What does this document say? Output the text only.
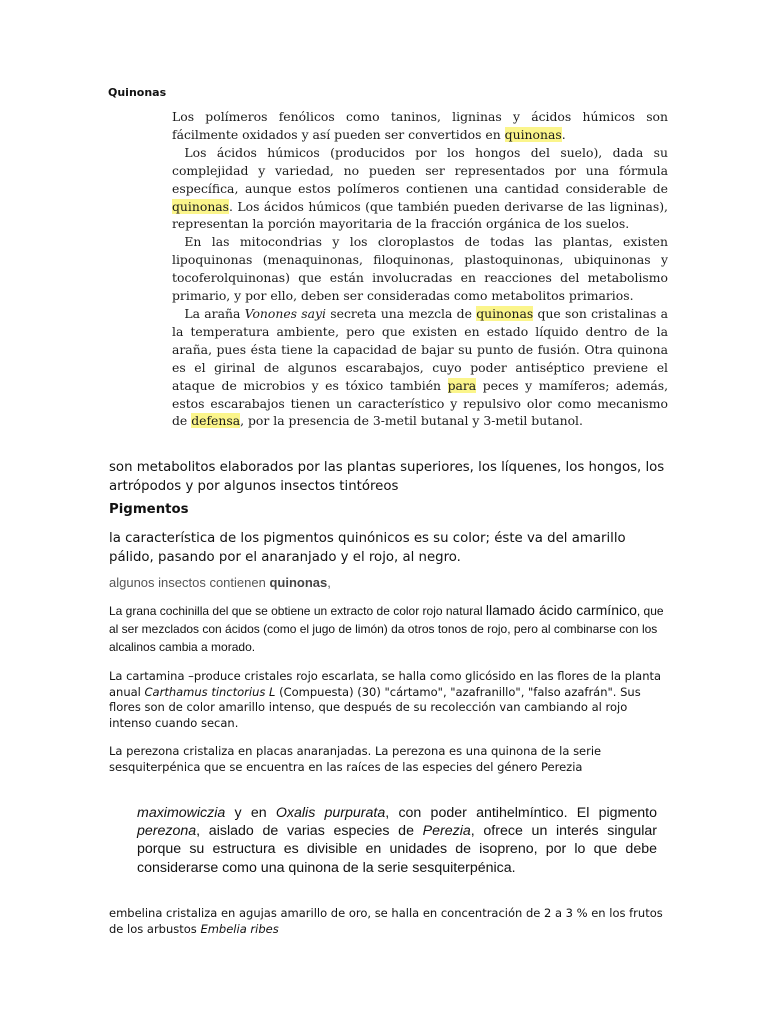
Quinonas

Los polímeros fenólicos como taninos, ligninas y ácidos húmicos son fácilmente oxidados y así pueden ser convertidos en quinonas.

Los ácidos húmicos (producidos por los hongos del suelo), dada su complejidad y variedad, no pueden ser representados por una fórmula específica, aunque estos polímeros contienen una cantidad considerable de quinonas. Los ácidos húmicos (que también pueden derivarse de las ligninas), representan la porción mayoritaria de la fracción orgánica de los suelos.

En las mitocondrias y los cloroplastos de todas las plantas, existen lipoquinonas (menaquinonas, filoquinonas, plastoquinonas, ubiquinonas y tocoferolquinonas) que están involucradas en reacciones del metabolismo primario, y por ello, deben ser consideradas como metabolitos primarios.

La araña Vonones sayi secreta una mezcla de quinonas que son cristalinas a la temperatura ambiente, pero que existen en estado líquido dentro de la araña, pues ésta tiene la capacidad de bajar su punto de fusión. Otra quinona es el girinal de algunos escarabajos, cuyo poder antiséptico previene el ataque de microbios y es tóxico también para peces y mamíferos; además, estos escarabajos tienen un característico y repulsivo olor como mecanismo de defensa, por la presencia de 3-metil butanal y 3-metil butanol.

son metabolitos elaborados por las plantas superiores, los líquenes, los hongos, los artrópodos y por algunos insectos tintóreos
Pigmentos
la característica de los pigmentos quinónicos es su color; éste va del amarillo pálido, pasando por el anaranjado y el rojo, al negro.
algunos insectos contienen quinonas,
La grana cochinilla del que se obtiene un extracto de color rojo natural llamado ácido carmínico, que al ser mezclados con ácidos (como el jugo de limón) da otros tonos de rojo, pero al combinarse con los alcalinos cambia a morado.
La cartamina –produce cristales rojo escarlata, se halla como glicósido en las flores de la planta anual Carthamus tinctorius L (Compuesta) (30) "cártamo", "azafranillo", "falso azafrán". Sus flores son de color amarillo intenso, que después de su recolección van cambiando al rojo intenso cuando secan.
La perezona cristaliza en placas anaranjadas. La perezona es una quinona de la serie sesquiterpénica que se encuentra en las raíces de las especies del género Perezia
maximowiczia y en Oxalis purpurata, con poder antihelmíntico. El pigmento perezona, aislado de varias especies de Perezia, ofrece un interés singular porque su estructura es divisible en unidades de isopreno, por lo que debe considerarse como una quinona de la serie sesquiterpénica.
embelina cristaliza en agujas amarillo de oro, se halla en concentración de 2 a 3 % en los frutos de los arbustos Embelia ribes
